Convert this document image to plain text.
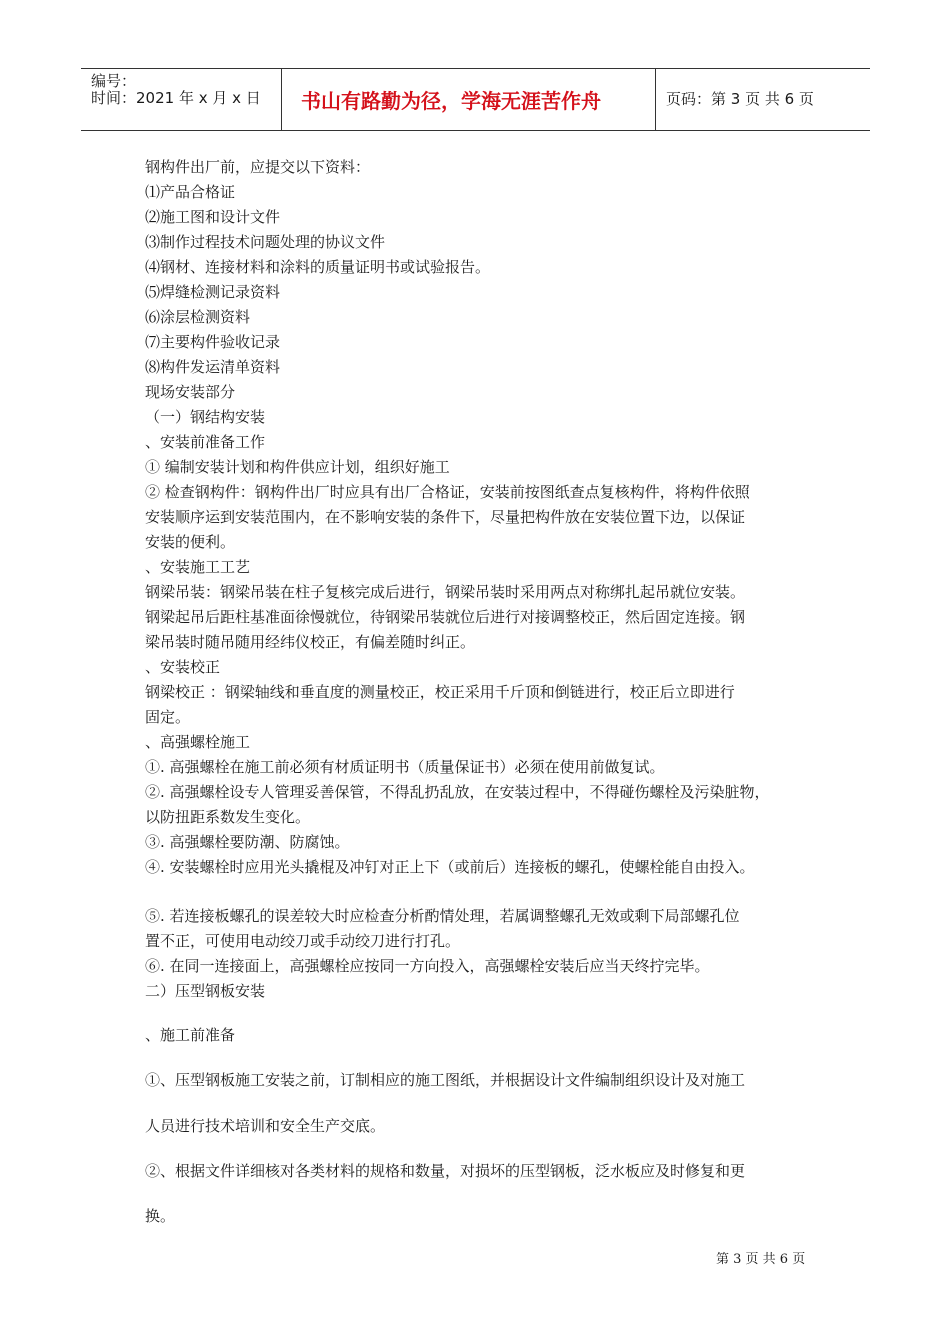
编号：
时间：2021 年 x 月 x 日 书山有路勤为径，学海无涯苦作舟	页码：第 3 页 共 6 页
钢构件出厂前，应提交以下资料：
⑴产品合格证
⑵施工图和设计文件
⑶制作过程技术问题处理的协议文件
⑷钢材、连接材料和涂料的质量证明书或试验报告。
⑸焊缝检测记录资料
⑹涂层检测资料
⑺主要构件验收记录
⑻构件发运清单资料
现场安装部分
（一）钢结构安装
、安装前准备工作
① 编制安装计划和构件供应计划，组织好施工
② 检查钢构件：钢构件出厂时应具有出厂合格证，安装前按图纸查点复核构件，将构件依照
安装顺序运到安装范围内，在不影响安装的条件下，尽量把构件放在安装位置下边，以保证
安装的便利。
、安装施工工艺
钢梁吊装：钢梁吊装在柱子复核完成后进行，钢梁吊装时采用两点对称绑扎起吊就位安装。
钢梁起吊后距柱基准面徐慢就位，待钢梁吊装就位后进行对接调整校正，然后固定连接。钢
梁吊装时随吊随用经纬仪校正，有偏差随时纠正。
、安装校正
钢梁校正 ：钢梁轴线和垂直度的测量校正，校正采用千斤顶和倒链进行，校正后立即进行
固定。
、高强螺栓施工
①. 高强螺栓在施工前必须有材质证明书（质量保证书）必须在使用前做复试。
②. 高强螺栓设专人管理妥善保管，不得乱扔乱放，在安装过程中，不得碰伤螺栓及污染脏物，
以防扭距系数发生变化。
③. 高强螺栓要防潮、防腐蚀。
④. 安装螺栓时应用光头撬棍及冲钉对正上下（或前后）连接板的螺孔，使螺栓能自由投入。
⑤. 若连接板螺孔的误差较大时应检查分析酌情处理，若属调整螺孔无效或剩下局部螺孔位
置不正，可使用电动绞刀或手动绞刀进行打孔。
⑥. 在同一连接面上，高强螺栓应按同一方向投入，高强螺栓安装后应当天终拧完毕。
二）压型钢板安装
、施工前准备
①、压型钢板施工安装之前，订制相应的施工图纸，并根据设计文件编制组织设计及对施工
人员进行技术培训和安全生产交底。
②、根据文件详细核对各类材料的规格和数量，对损坏的压型钢板，泛水板应及时修复和更
换。
第 3 页 共 6 页
